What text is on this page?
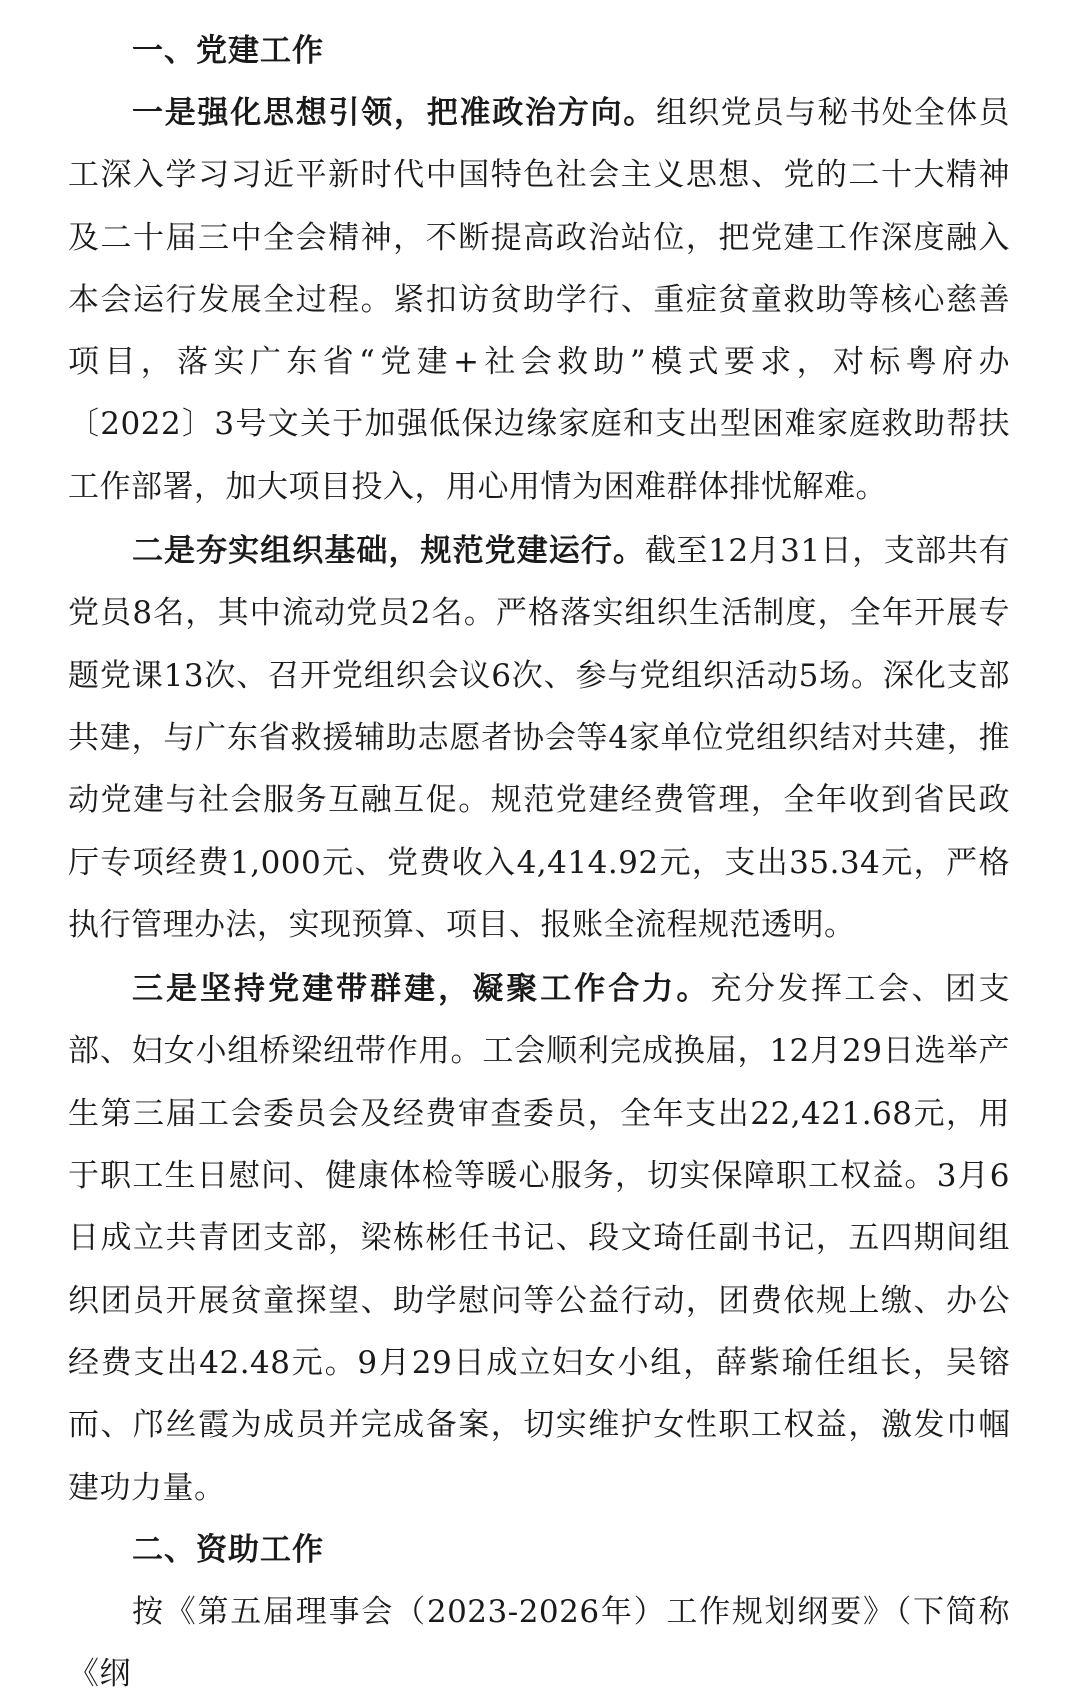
一、党建工作

一是强化思想引领，把准政治方向。组织党员与秘书处全体员工深入学习习近平新时代中国特色社会主义思想、党的二十大精神及二十届三中全会精神，不断提高政治站位，把党建工作深度融入本会运行发展全过程。紧扣访贫助学行、重症贫童救助等核心慈善项目，落实广东省“党建+社会救助”模式要求，对标粤府办〔2022〕3号文关于加强低保边缘家庭和支出型困难家庭救助帮扶工作部署，加大项目投入，用心用情为困难群体排忧解难。

二是夯实组织基础，规范党建运行。截至12月31日，支部共有党员8名，其中流动党员2名。严格落实组织生活制度，全年开展专题党课13次、召开党组织会议6次、参与党组织活动5场。深化支部共建，与广东省救援辅助志愿者协会等4家单位党组织结对共建，推动党建与社会服务互融互促。规范党建经费管理，全年收到省民政厅专项经费1,000元、党费收入4,414.92元，支出35.34元，严格执行管理办法，实现预算、项目、报账全流程规范透明。

三是坚持党建带群建，凝聚工作合力。充分发挥工会、团支部、妇女小组桥梁纽带作用。工会顺利完成换届，12月29日选举产生第三届工会委员会及经费审查委员，全年支出22,421.68元，用于职工生日慰问、健康体检等暖心服务，切实保障职工权益。3月6日成立共青团支部，梁栋彬任书记、段文琦任副书记，五四期间组织团员开展贫童探望、助学慰问等公益行动，团费依规上缴、办公经费支出42.48元。9月29日成立妇女小组，薛紫瑜任组长，吴镕而、邝丝霞为成员并完成备案，切实维护女性职工权益，激发巾帼建功力量。

二、资助工作

按《第五届理事会（2023-2026年）工作规划纲要》（下简称《纲
